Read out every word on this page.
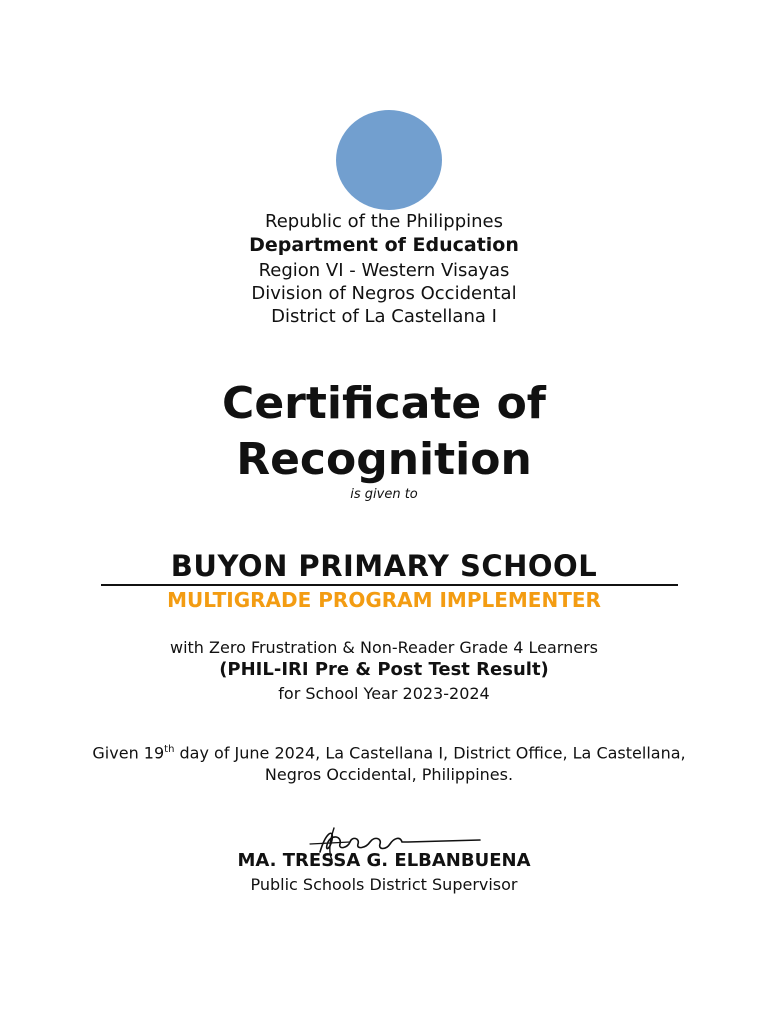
Republic of the Philippines
Department of Education
Region VI - Western Visayas
Division of Negros Occidental
District of La Castellana I
Certificate of
Recognition
is given to
BUYON PRIMARY SCHOOL
MULTIGRADE PROGRAM IMPLEMENTER
with Zero Frustration & Non-Reader Grade 4 Learners
(PHIL-IRI Pre & Post Test Result)
for School Year 2023-2024
Given 19th day of June 2024, La Castellana I, District Office, La Castellana, Negros Occidental, Philippines.
MA. TRESSA G. ELBANBUENA
Public Schools District Supervisor
